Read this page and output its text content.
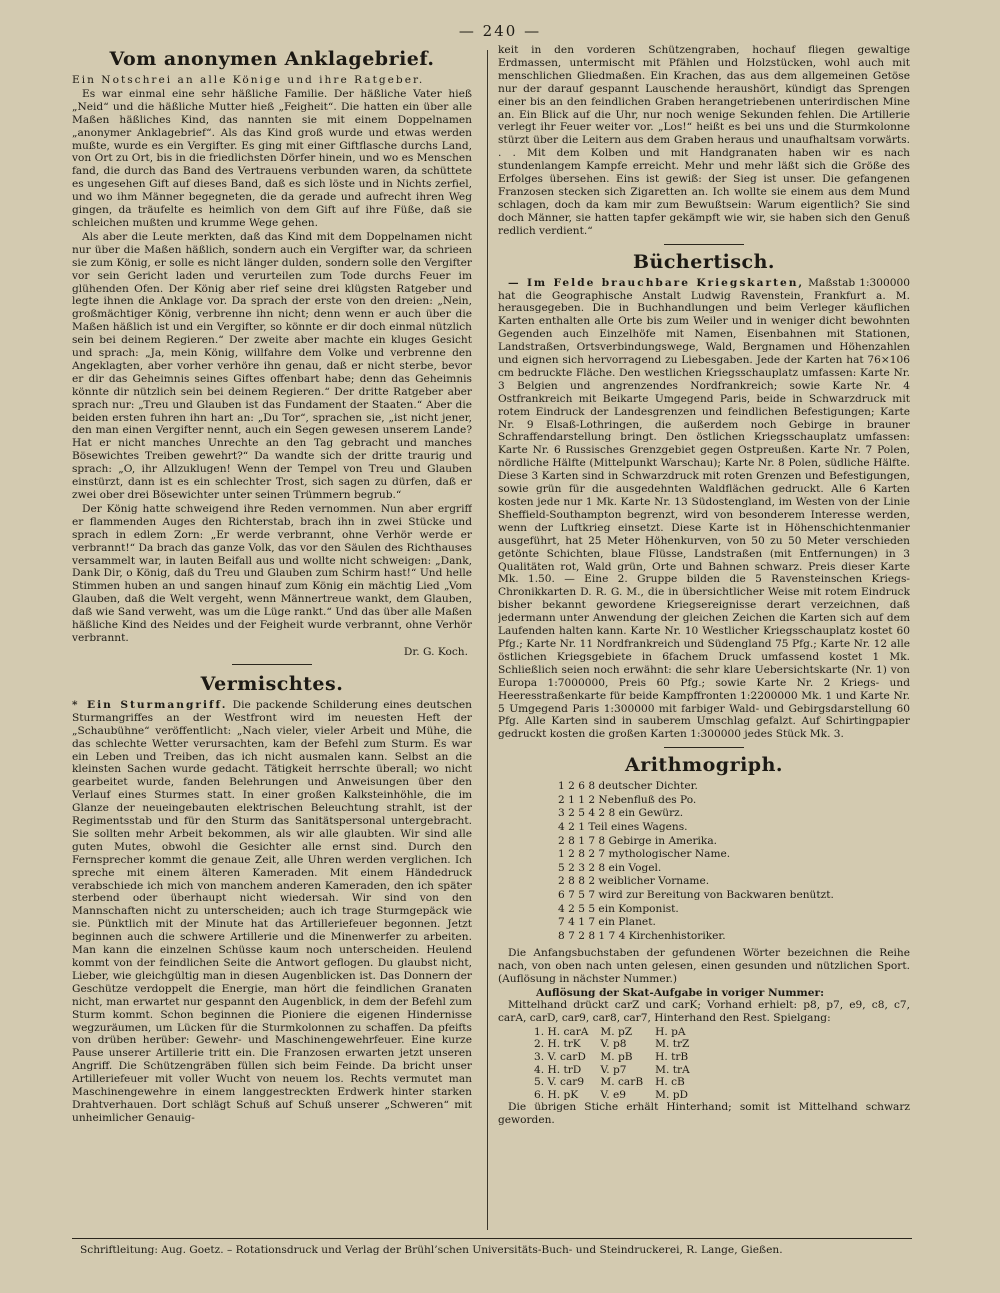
— 240 —
Vom anonymen Anklagebrief.

Ein Notschrei an alle Könige und ihre Ratgeber.

Es war einmal eine sehr häßliche Familie. Der häßliche Vater hieß „Neid“ und die häßliche Mutter hieß „Feigheit“. Die hatten ein über alle Maßen häßliches Kind, das nannten sie mit einem Doppelnamen „anonymer Anklagebrief“. Als das Kind groß wurde und etwas werden mußte, wurde es ein Vergifter. Es ging mit einer Giftflasche durchs Land, von Ort zu Ort, bis in die friedlichsten Dörfer hinein, und wo es Menschen fand, die durch das Band des Vertrauens verbunden waren, da schüttete es ungesehen Gift auf dieses Band, daß es sich löste und in Nichts zerfiel, und wo ihm Männer begegneten, die da gerade und aufrecht ihren Weg gingen, da träufelte es heimlich von dem Gift auf ihre Füße, daß sie schleichen mußten und krumme Wege gehen.

Als aber die Leute merkten, daß das Kind mit dem Doppelnamen nicht nur über die Maßen häßlich, sondern auch ein Vergifter war, da schrieen sie zum König, er solle es nicht länger dulden, sondern solle den Vergifter vor sein Gericht laden und verurteilen zum Tode durchs Feuer im glühenden Ofen. Der König aber rief seine drei klügsten Ratgeber und legte ihnen die Anklage vor. Da sprach der erste von den dreien: „Nein, großmächtiger König, verbrenne ihn nicht; denn wenn er auch über die Maßen häßlich ist und ein Vergifter, so könnte er dir doch einmal nützlich sein bei deinem Regieren.“ Der zweite aber machte ein kluges Gesicht und sprach: „Ja, mein König, willfahre dem Volke und verbrenne den Angeklagten, aber vorher verhöre ihn genau, daß er nicht sterbe, bevor er dir das Geheimnis seines Giftes offenbart habe; denn das Geheimnis könnte dir nützlich sein bei deinem Regieren.“ Der dritte Ratgeber aber sprach nur: „Treu und Glauben ist das Fundament der Staaten.“ Aber die beiden ersten fuhren ihn hart an: „Du Tor“, sprachen sie, „ist nicht jener, den man einen Vergifter nennt, auch ein Segen gewesen unserem Lande? Hat er nicht manches Unrechte an den Tag gebracht und manches Bösewichtes Treiben gewehrt?“ Da wandte sich der dritte traurig und sprach: „O, ihr Allzuklugen! Wenn der Tempel von Treu und Glauben einstürzt, dann ist es ein schlechter Trost, sich sagen zu dürfen, daß er zwei ober drei Bösewichter unter seinen Trümmern begrub.“

Der König hatte schweigend ihre Reden vernommen. Nun aber ergriff er flammenden Auges den Richterstab, brach ihn in zwei Stücke und sprach in edlem Zorn: „Er werde verbrannt, ohne Verhör werde er verbrannt!“ Da brach das ganze Volk, das vor den Säulen des Richthauses versammelt war, in lauten Beifall aus und wollte nicht schweigen: „Dank, Dank Dir, o König, daß du Treu und Glauben zum Schirm hast!“ Und helle Stimmen huben an und sangen hinauf zum König ein mächtig Lied „Vom Glauben, daß die Welt vergeht, wenn Männertreue wankt, dem Glauben, daß wie Sand verweht, was um die Lüge rankt.“ Und das über alle Maßen häßliche Kind des Neides und der Feigheit wurde verbrannt, ohne Verhör verbrannt.

Dr. G. Koch.
Vermischtes.

* Ein Sturmangriff. Die packende Schilderung eines deutschen Sturmangriffes an der Westfront wird im neuesten Heft der „Schaubühne“ veröffentlicht: „Nach vieler, vieler Arbeit und Mühe, die das schlechte Wetter verursachten, kam der Befehl zum Sturm. Es war ein Leben und Treiben, das ich nicht ausmalen kann. Selbst an die kleinsten Sachen wurde gedacht. Tätigkeit herrschte überall; wo nicht gearbeitet wurde, fanden Belehrungen und Anweisungen über den Verlauf eines Sturmes statt. In einer großen Kalksteinhöhle, die im Glanze der neueingebauten elektrischen Beleuchtung strahlt, ist der Regimentsstab und für den Sturm das Sanitätspersonal untergebracht. Sie sollten mehr Arbeit bekommen, als wir alle glaubten. Wir sind alle guten Mutes, obwohl die Gesichter alle ernst sind. Durch den Fernsprecher kommt die genaue Zeit, alle Uhren werden verglichen. Ich spreche mit einem älteren Kameraden. Mit einem Händedruck verabschiede ich mich von manchem anderen Kameraden, den ich später sterbend oder überhaupt nicht wiedersah. Wir sind von den Mannschaften nicht zu unterscheiden; auch ich trage Sturmgepäck wie sie. Pünktlich mit der Minute hat das Artilleriefeuer begonnen. Jetzt beginnen auch die schwere Artillerie und die Minenwerfer zu arbeiten. Man kann die einzelnen Schüsse kaum noch unterscheiden. Heulend kommt von der feindlichen Seite die Antwort geflogen. Du glaubst nicht, Lieber, wie gleichgültig man in diesen Augenblicken ist. Das Donnern der Geschütze verdoppelt die Energie, man hört die feindlichen Granaten nicht, man erwartet nur gespannt den Augenblick, in dem der Befehl zum Sturm kommt. Schon beginnen die Pioniere die eigenen Hindernisse wegzuräumen, um Lücken für die Sturmkolonnen zu schaffen. Da pfeifts von drüben herüber: Gewehr- und Maschinengewehrfeuer. Eine kurze Pause unserer Artillerie tritt ein. Die Franzosen erwarten jetzt unseren Angriff. Die Schützengräben füllen sich beim Feinde. Da bricht unser Artilleriefeuer mit voller Wucht von neuem los. Rechts vermutet man Maschinengewehre in einem langgestreckten Erdwerk hinter starken Drahtverhauen. Dort schlägt Schuß auf Schuß unserer „Schweren“ mit unheimlicher Genauig-

keit in den vorderen Schützengraben, hochauf fliegen gewaltige Erdmassen, untermischt mit Pfählen und Holzstücken, wohl auch mit menschlichen Gliedmaßen. Ein Krachen, das aus dem allgemeinen Getöse nur der darauf gespannt Lauschende heraushört, kündigt das Sprengen einer bis an den feindlichen Graben herangetriebenen unterirdischen Mine an. Ein Blick auf die Uhr, nur noch wenige Sekunden fehlen. Die Artillerie verlegt ihr Feuer weiter vor. „Los!“ heißt es bei uns und die Sturmkolonne stürzt über die Leitern aus dem Graben heraus und unaufhaltsam vorwärts. . . Mit dem Kolben und mit Handgranaten haben wir es nach stundenlangem Kampfe erreicht. Mehr und mehr läßt sich die Größe des Erfolges übersehen. Eins ist gewiß: der Sieg ist unser. Die gefangenen Franzosen stecken sich Zigaretten an. Ich wollte sie einem aus dem Mund schlagen, doch da kam mir zum Bewußtsein: Warum eigentlich? Sie sind doch Männer, sie hatten tapfer gekämpft wie wir, sie haben sich den Genuß redlich verdient.“

Büchertisch.

— Im Felde brauchbare Kriegskarten, Maßstab 1:300000 hat die Geographische Anstalt Ludwig Ravenstein, Frankfurt a. M. herausgegeben. Die in Buchhandlungen und beim Verleger käuflichen Karten enthalten alle Orte bis zum Weiler und in weniger dicht bewohnten Gegenden auch Einzelhöfe mit Namen, Eisenbahnen mit Stationen, Landstraßen, Ortsverbindungswege, Wald, Bergnamen und Höhenzahlen und eignen sich hervorragend zu Liebesgaben. Jede der Karten hat 76×106 cm bedruckte Fläche. Den westlichen Kriegsschauplatz umfassen: Karte Nr. 3 Belgien und angrenzendes Nordfrankreich; sowie Karte Nr. 4 Ostfrankreich mit Beikarte Umgegend Paris, beide in Schwarzdruck mit rotem Eindruck der Landesgrenzen und feindlichen Befestigungen; Karte Nr. 9 Elsaß-Lothringen, die außerdem noch Gebirge in brauner Schraffendarstellung bringt. Den östlichen Kriegsschauplatz umfassen: Karte Nr. 6 Russisches Grenzgebiet gegen Ostpreußen. Karte Nr. 7 Polen, nördliche Hälfte (Mittelpunkt Warschau); Karte Nr. 8 Polen, südliche Hälfte. Diese 3 Karten sind in Schwarzdruck mit roten Grenzen und Befestigungen, sowie grün für die ausgedehnten Waldflächen gedruckt. Alle 6 Karten kosten jede nur 1 Mk. Karte Nr. 13 Südostengland, im Westen von der Linie Sheffield-Southampton begrenzt, wird von besonderem Interesse werden, wenn der Luftkrieg einsetzt. Diese Karte ist in Höhenschichtenmanier ausgeführt, hat 25 Meter Höhenkurven, von 50 zu 50 Meter verschieden getönte Schichten, blaue Flüsse, Landstraßen (mit Entfernungen) in 3 Qualitäten rot, Wald grün, Orte und Bahnen schwarz. Preis dieser Karte Mk. 1.50. — Eine 2. Gruppe bilden die 5 Ravensteinschen Kriegs-Chronikkarten D. R. G. M., die in übersichtlicher Weise mit rotem Eindruck bisher bekannt gewordene Kriegsereignisse derart verzeichnen, daß jedermann unter Anwendung der gleichen Zeichen die Karten sich auf dem Laufenden halten kann. Karte Nr. 10 Westlicher Kriegsschauplatz kostet 60 Pfg.; Karte Nr. 11 Nordfrankreich und Südengland 75 Pfg.; Karte Nr. 12 alle östlichen Kriegsgebiete in 6fachem Druck umfassend kostet 1 Mk. Schließlich seien noch erwähnt: die sehr klare Uebersichtskarte (Nr. 1) von Europa 1:7000000, Preis 60 Pfg.; sowie Karte Nr. 2 Kriegs- und Heeresstraßenkarte für beide Kampffronten 1:2200000 Mk. 1 und Karte Nr. 5 Umgegend Paris 1:300000 mit farbiger Wald- und Gebirgsdarstellung 60 Pfg. Alle Karten sind in sauberem Umschlag gefalzt. Auf Schirtingpapier gedruckt kosten die großen Karten 1:300000 jedes Stück Mk. 3.

Arithmogriph.
1 2 6 8 deutscher Dichter.
2 1 1 2 Nebenfluß des Po.
3 2 5 4 2 8 ein Gewürz.
4 2 1 Teil eines Wagens.
2 8 1 7 8 Gebirge in Amerika.
1 2 8 2 7 mythologischer Name.
5 2 3 2 8 ein Vogel.
2 8 8 2 weiblicher Vorname.
6 7 5 7 wird zur Bereitung von Backwaren benützt.
4 2 5 5 ein Komponist.
7 4 1 7 ein Planet.
8 7 2 8 1 7 4 Kirchenhistoriker.

Die Anfangsbuchstaben der gefundenen Wörter bezeichnen die Reihe nach, von oben nach unten gelesen, einen gesunden und nützlichen Sport. (Auflösung in nächster Nummer.)

Auflösung der Skat-Aufgabe in voriger Nummer:

Mittelhand drückt carZ und carK; Vorhand erhielt: p8, p7, e9, c8, c7, carA, carD, car9, car8, car7, Hinterhand den Rest. Spielgang:

1. H. carA	M. pZ	H. pA
2. H. trK	V. p8	M. trZ
3. V. carD	M. pB	H. trB
4. H. trD	V. p7	M. trA
5. V. car9	M. carB	H. cB
6. H. pK	V. e9	M. pD

Die übrigen Stiche erhält Hinterhand; somit ist Mittelhand schwarz geworden.

Schriftleitung: Aug. Goetz. – Rotationsdruck und Verlag der Brühl’schen Universitäts-Buch- und Steindruckerei, R. Lange, Gießen.
